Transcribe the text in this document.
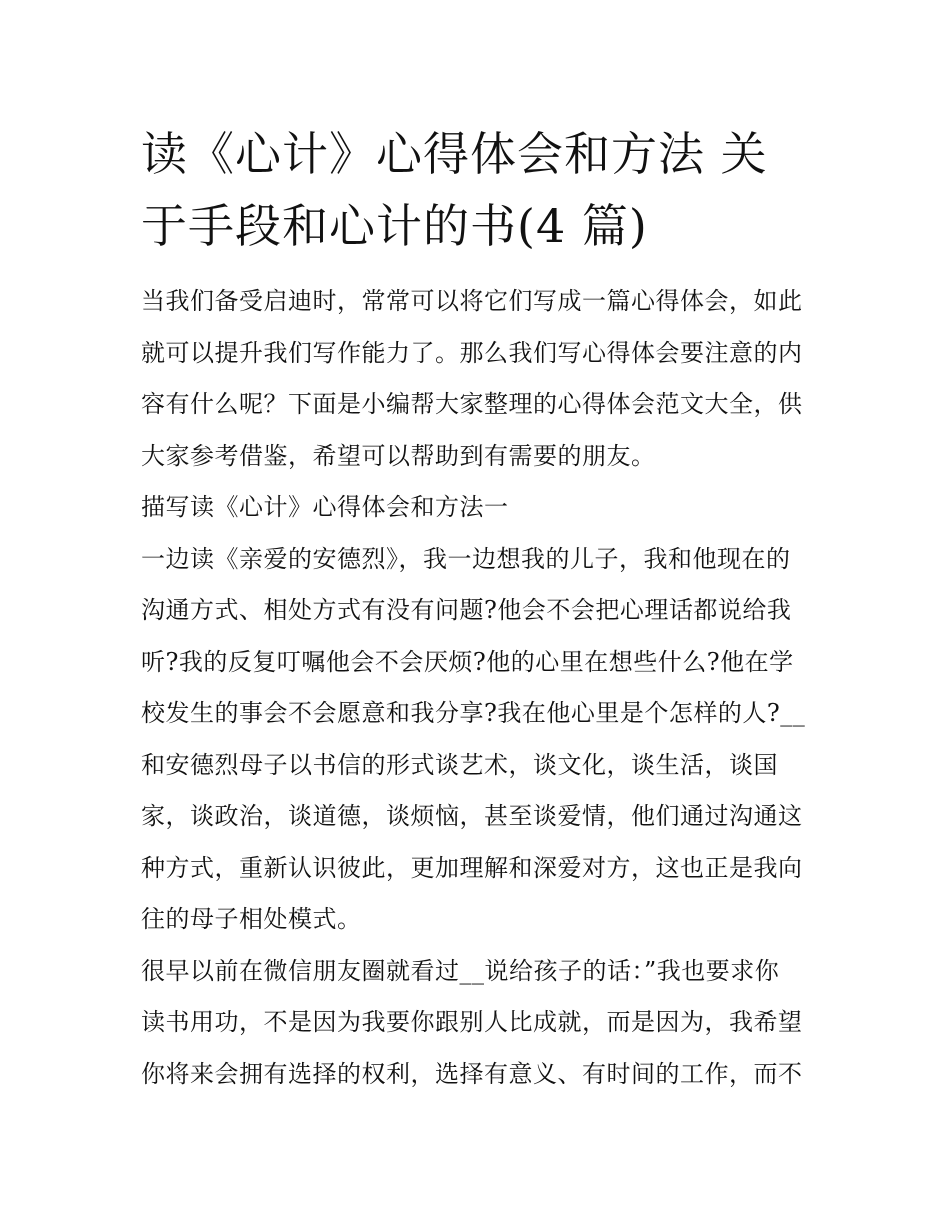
读《心计》心得体会和方法 关
于手段和心计的书(4 篇)

当我们备受启迪时，常常可以将它们写成一篇心得体会，如此
就可以提升我们写作能力了。那么我们写心得体会要注意的内
容有什么呢？下面是小编帮大家整理的心得体会范文大全，供
大家参考借鉴，希望可以帮助到有需要的朋友。

描写读《心计》心得体会和方法一

一边读《亲爱的安德烈》，我一边想我的儿子，我和他现在的
沟通方式、相处方式有没有问题?他会不会把心理话都说给我
听?我的反复叮嘱他会不会厌烦?他的心里在想些什么?他在学
校发生的事会不会愿意和我分享?我在他心里是个怎样的人?__
和安德烈母子以书信的形式谈艺术，谈文化，谈生活，谈国
家，谈政治，谈道德，谈烦恼，甚至谈爱情，他们通过沟通这
种方式，重新认识彼此，更加理解和深爱对方，这也正是我向
往的母子相处模式。

很早以前在微信朋友圈就看过__说给孩子的话：”我也要求你
读书用功，不是因为我要你跟别人比成就，而是因为，我希望
你将来会拥有选择的权利，选择有意义、有时间的工作，而不
